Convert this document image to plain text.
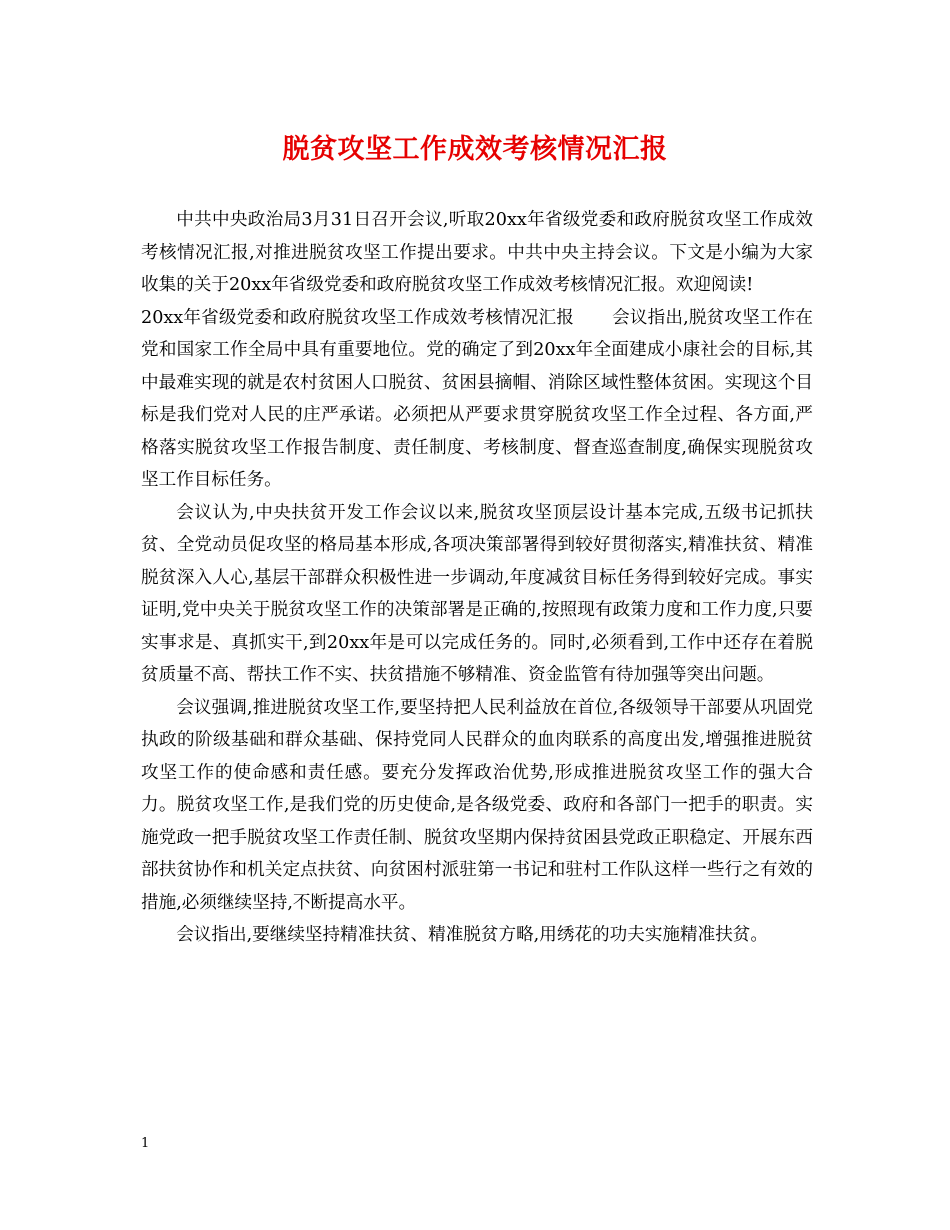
脱贫攻坚工作成效考核情况汇报

中共中央政治局3月31日召开会议,听取20xx年省级党委和政府脱贫攻坚工作成效考核情况汇报,对推进脱贫攻坚工作提出要求。中共中央主持会议。下文是小编为大家收集的关于20xx年省级党委和政府脱贫攻坚工作成效考核情况汇报。欢迎阅读!

20xx年省级党委和政府脱贫攻坚工作成效考核情况汇报 会议指出,脱贫攻坚工作在党和国家工作全局中具有重要地位。党的确定了到20xx年全面建成小康社会的目标,其中最难实现的就是农村贫困人口脱贫、贫困县摘帽、消除区域性整体贫困。实现这个目标是我们党对人民的庄严承诺。必须把从严要求贯穿脱贫攻坚工作全过程、各方面,严格落实脱贫攻坚工作报告制度、责任制度、考核制度、督查巡查制度,确保实现脱贫攻坚工作目标任务。

会议认为,中央扶贫开发工作会议以来,脱贫攻坚顶层设计基本完成,五级书记抓扶贫、全党动员促攻坚的格局基本形成,各项决策部署得到较好贯彻落实,精准扶贫、精准脱贫深入人心,基层干部群众积极性进一步调动,年度减贫目标任务得到较好完成。事实证明,党中央关于脱贫攻坚工作的决策部署是正确的,按照现有政策力度和工作力度,只要实事求是、真抓实干,到20xx年是可以完成任务的。同时,必须看到,工作中还存在着脱贫质量不高、帮扶工作不实、扶贫措施不够精准、资金监管有待加强等突出问题。

会议强调,推进脱贫攻坚工作,要坚持把人民利益放在首位,各级领导干部要从巩固党执政的阶级基础和群众基础、保持党同人民群众的血肉联系的高度出发,增强推进脱贫攻坚工作的使命感和责任感。要充分发挥政治优势,形成推进脱贫攻坚工作的强大合力。脱贫攻坚工作,是我们党的历史使命,是各级党委、政府和各部门一把手的职责。实施党政一把手脱贫攻坚工作责任制、脱贫攻坚期内保持贫困县党政正职稳定、开展东西部扶贫协作和机关定点扶贫、向贫困村派驻第一书记和驻村工作队这样一些行之有效的措施,必须继续坚持,不断提高水平。

会议指出,要继续坚持精准扶贫、精准脱贫方略,用绣花的功夫实施精准扶贫。

1
